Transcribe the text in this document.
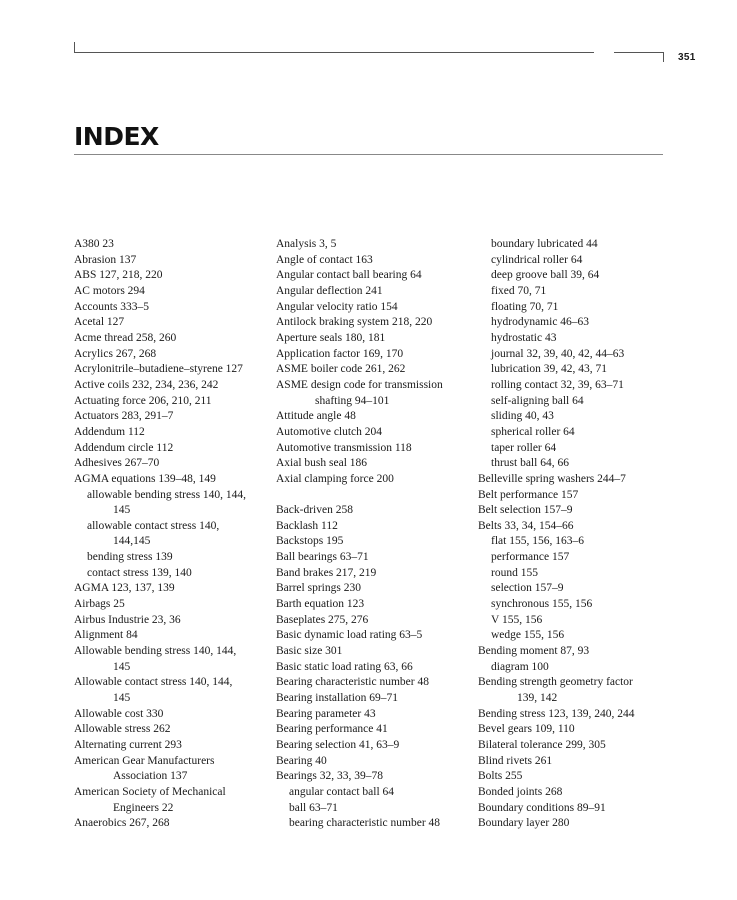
351
INDEX
A380 23
Abrasion 137
ABS 127, 218, 220
AC motors 294
Accounts 333–5
Acetal 127
Acme thread 258, 260
Acrylics 267, 268
Acrylonitrile–butadiene–styrene 127
Active coils 232, 234, 236, 242
Actuating force 206, 210, 211
Actuators 283, 291–7
Addendum 112
Addendum circle 112
Adhesives 267–70
AGMA equations 139–48, 149
allowable bending stress 140, 144,
145
allowable contact stress 140,
144,145
bending stress 139
contact stress 139, 140
AGMA 123, 137, 139
Airbags 25
Airbus Industrie 23, 36
Alignment 84
Allowable bending stress 140, 144,
145
Allowable contact stress 140, 144,
145
Allowable cost 330
Allowable stress 262
Alternating current 293
American Gear Manufacturers
Association 137
American Society of Mechanical
Engineers 22
Anaerobics 267, 268
Analysis 3, 5
Angle of contact 163
Angular contact ball bearing 64
Angular deflection 241
Angular velocity ratio 154
Antilock braking system 218, 220
Aperture seals 180, 181
Application factor 169, 170
ASME boiler code 261, 262
ASME design code for transmission
shafting 94–101
Attitude angle 48
Automotive clutch 204
Automotive transmission 118
Axial bush seal 186
Axial clamping force 200
Back-driven 258
Backlash 112
Backstops 195
Ball bearings 63–71
Band brakes 217, 219
Barrel springs 230
Barth equation 123
Baseplates 275, 276
Basic dynamic load rating 63–5
Basic size 301
Basic static load rating 63, 66
Bearing characteristic number 48
Bearing installation 69–71
Bearing parameter 43
Bearing performance 41
Bearing selection 41, 63–9
Bearing 40
Bearings 32, 33, 39–78
angular contact ball 64
ball 63–71
bearing characteristic number 48
boundary lubricated 44
cylindrical roller 64
deep groove ball 39, 64
fixed 70, 71
floating 70, 71
hydrodynamic 46–63
hydrostatic 43
journal 32, 39, 40, 42, 44–63
lubrication 39, 42, 43, 71
rolling contact 32, 39, 63–71
self-aligning ball 64
sliding 40, 43
spherical roller 64
taper roller 64
thrust ball 64, 66
Belleville spring washers 244–7
Belt performance 157
Belt selection 157–9
Belts 33, 34, 154–66
flat 155, 156, 163–6
performance 157
round 155
selection 157–9
synchronous 155, 156
V 155, 156
wedge 155, 156
Bending moment 87, 93
diagram 100
Bending strength geometry factor
139, 142
Bending stress 123, 139, 240, 244
Bevel gears 109, 110
Bilateral tolerance 299, 305
Blind rivets 261
Bolts 255
Bonded joints 268
Boundary conditions 89–91
Boundary layer 280
